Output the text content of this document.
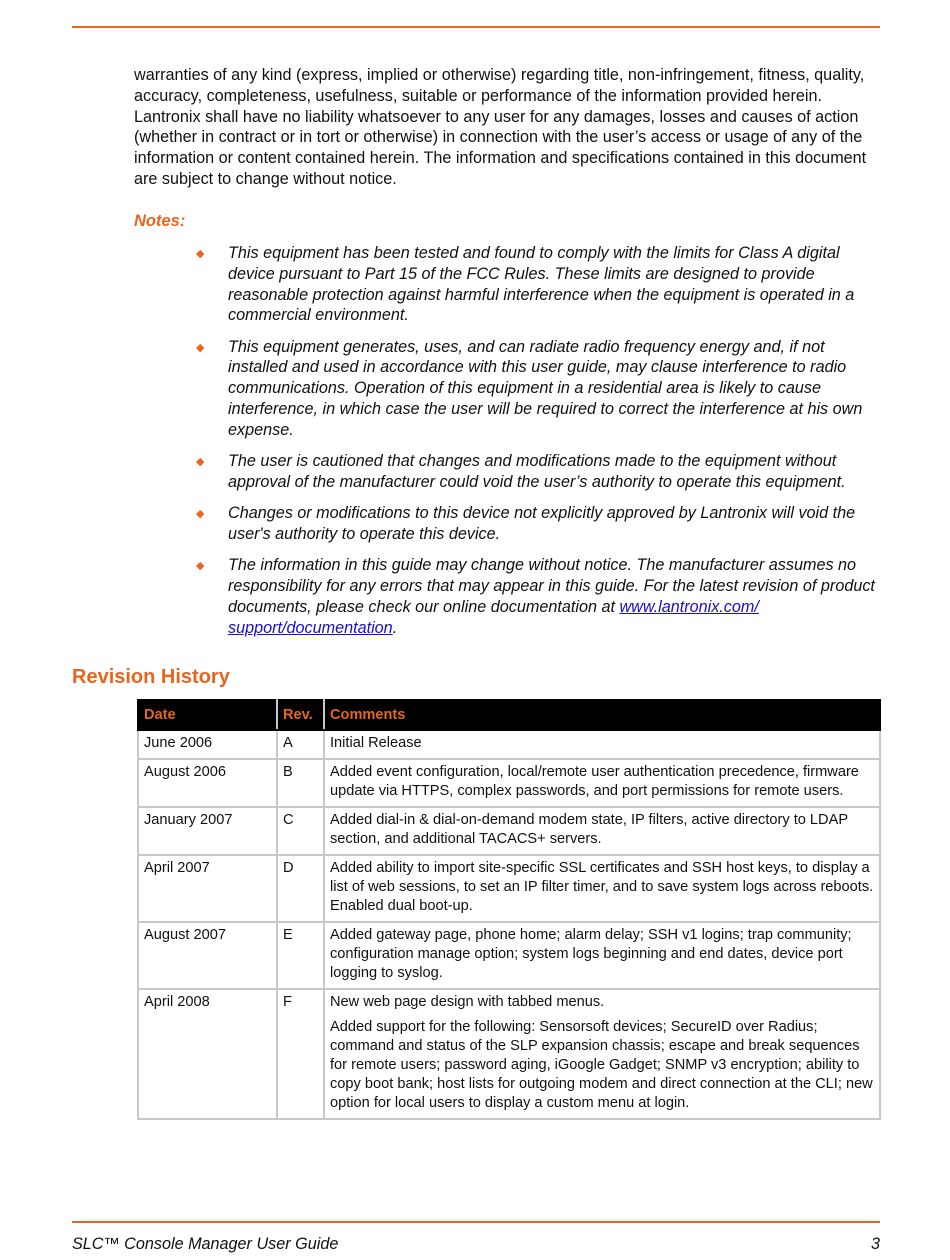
warranties of any kind (express, implied or otherwise) regarding title, non-infringement, fitness, quality, accuracy, completeness, usefulness, suitable or performance of the information provided herein. Lantronix shall have no liability whatsoever to any user for any damages, losses and causes of action (whether in contract or in tort or otherwise) in connection with the user’s access or usage of any of the information or content contained herein. The information and specifications contained in this document are subject to change without notice.

Notes:

◆ This equipment has been tested and found to comply with the limits for Class A digital device pursuant to Part 15 of the FCC Rules. These limits are designed to provide reasonable protection against harmful interference when the equipment is operated in a commercial environment.
◆ This equipment generates, uses, and can radiate radio frequency energy and, if not installed and used in accordance with this user guide, may clause interference to radio communications. Operation of this equipment in a residential area is likely to cause interference, in which case the user will be required to correct the interference at his own expense.
◆ The user is cautioned that changes and modifications made to the equipment without approval of the manufacturer could void the user’s authority to operate this equipment.
◆ Changes or modifications to this device not explicitly approved by Lantronix will void the user's authority to operate this device.
◆ The information in this guide may change without notice. The manufacturer assumes no responsibility for any errors that may appear in this guide. For the latest revision of product documents, please check our online documentation at www.lantronix.com/ support/documentation.
Revision History
Date	Rev.	Comments
June 2006	A	Initial Release
August 2006	B	Added event configuration, local/remote user authentication precedence, firmware update via HTTPS, complex passwords, and port permissions for remote users.
January 2007	C	Added dial-in & dial-on-demand modem state, IP filters, active directory to LDAP section, and additional TACACS+ servers.
April 2007	D	Added ability to import site-specific SSL certificates and SSH host keys, to display a list of web sessions, to set an IP filter timer, and to save system logs across reboots. Enabled dual boot-up.
August 2007	E	Added gateway page, phone home; alarm delay; SSH v1 logins; trap community; configuration manage option; system logs beginning and end dates, device port logging to syslog.
April 2008	F	New web page design with tabbed menus.
Added support for the following: Sensorsoft devices; SecureID over Radius; command and status of the SLP expansion chassis; escape and break sequences for remote users; password aging, iGoogle Gadget; SNMP v3 encryption; ability to copy boot bank; host lists for outgoing modem and direct connection at the CLI; new option for local users to display a custom menu at login.

SLC™ Console Manager User Guide	3
